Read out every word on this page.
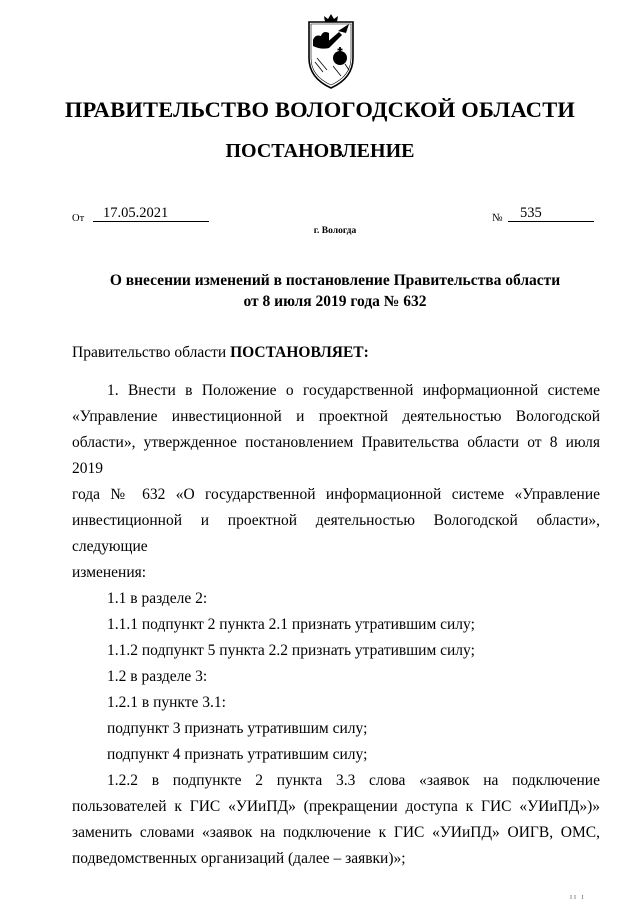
ПРАВИТЕЛЬСТВО ВОЛОГОДСКОЙ ОБЛАСТИ
ПОСТАНОВЛЕНИЕ
От	17.05.2021	№	535
г. Вологда
О внесении изменений в постановление Правительства области
от 8 июля 2019 года № 632

Правительство области ПОСТАНОВЛЯЕТ:

1. Внести в Положение о государственной информационной системе

«Управление инвестиционной и проектной деятельностью Вологодской

области», утвержденное постановлением Правительства области от 8 июля 2019

года № 632 «О государственной информационной системе «Управление

инвестиционной и проектной деятельностью Вологодской области», следующие

изменения:

1.1 в разделе 2:

1.1.1 подпункт 2 пункта 2.1 признать утратившим силу;

1.1.2 подпункт 5 пункта 2.2 признать утратившим силу;

1.2 в разделе 3:

1.2.1 в пункте 3.1:

подпункт 3 признать утратившим силу;

подпункт 4 признать утратившим силу;

1.2.2 в подпункте 2 пункта 3.3 слова «заявок на подключение

пользователей к ГИС «УИиПД» (прекращении доступа к ГИС «УИиПД»)»

заменить словами «заявок на подключение к ГИС «УИиПД» ОИГВ, ОМС,

подведомственных организаций (далее – заявки)»;

II I
